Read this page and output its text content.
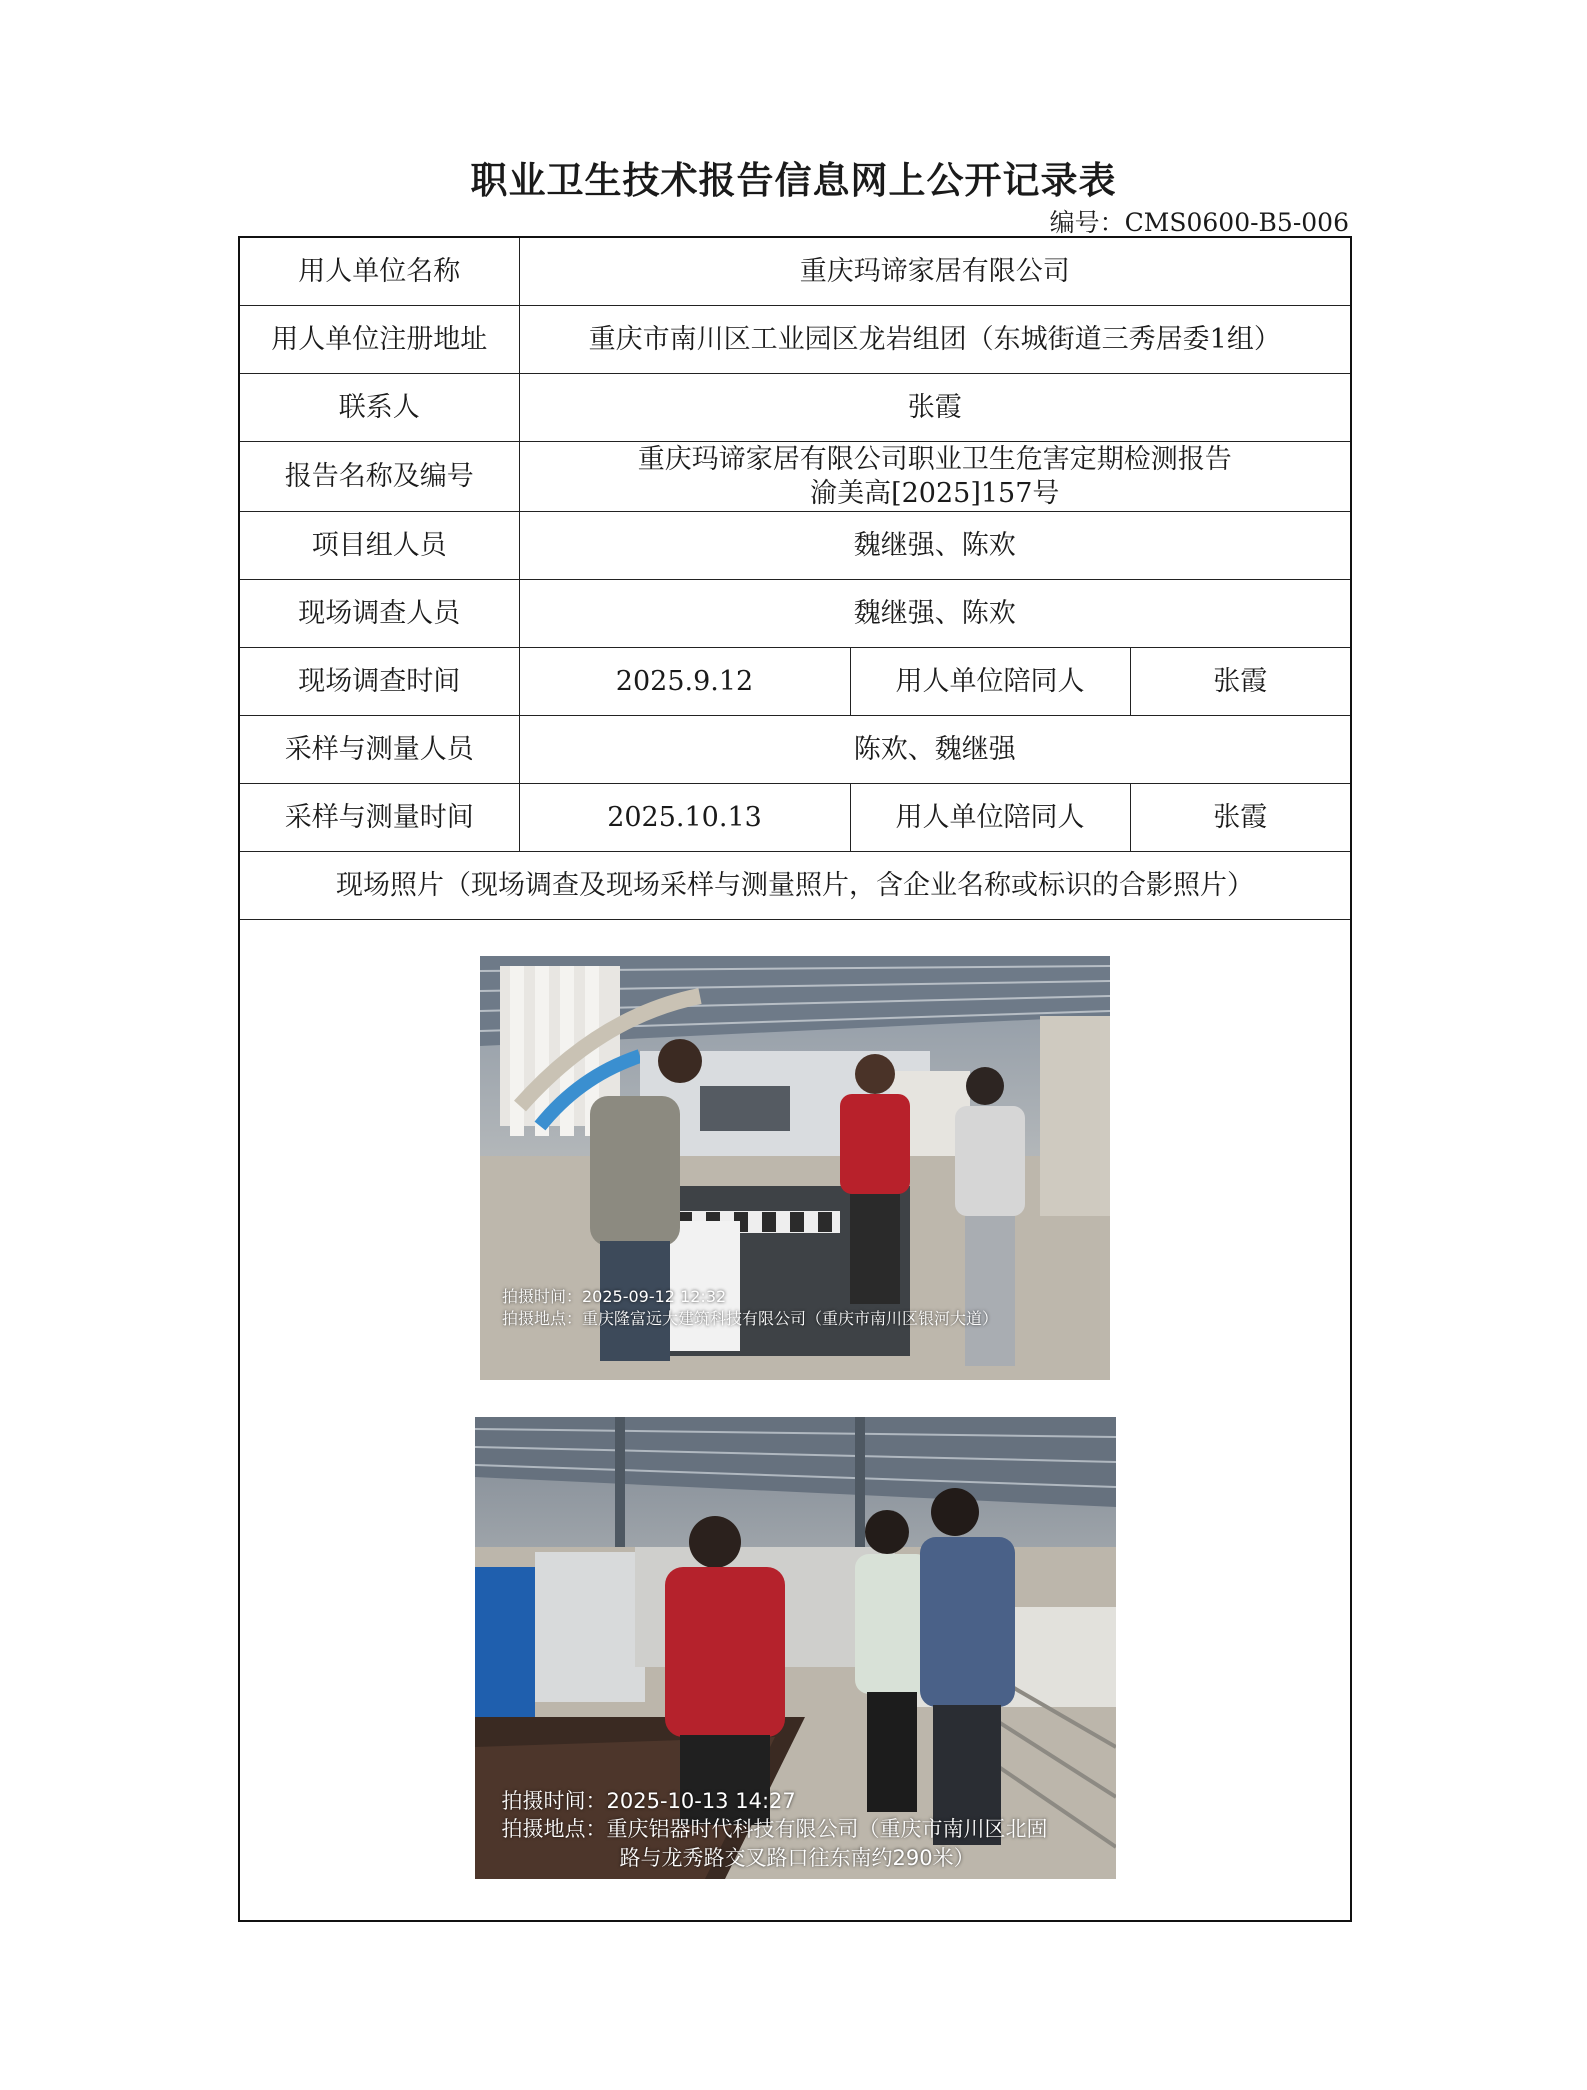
职业卫生技术报告信息网上公开记录表
编号：CMS0600-B5-006
用人单位名称	重庆玛谛家居有限公司		
用人单位注册地址	重庆市南川区工业园区龙岩组团（东城街道三秀居委1组）		
联系人	张霞		
报告名称及编号	重庆玛谛家居有限公司职业卫生危害定期检测报告
渝美高[2025]157号		

项目组人员	魏继强、陈欢		
现场调查人员	魏继强、陈欢		
现场调查时间	2025.9.12	用人单位陪同人	张霞
采样与测量人员	陈欢、魏继强		
采样与测量时间	2025.10.13	用人单位陪同人	张霞
现场照片（现场调查及现场采样与测量照片，含企业名称或标识的合影照片）			

拍摄时间：2025-09-12 12:32
拍摄地点：重庆隆富远大建筑科技有限公司（重庆市南川区银河大道）
拍摄时间：2025-10-13 14:27
拍摄地点：重庆铝器时代科技有限公司（重庆市南川区北固
路与龙秀路交叉路口往东南约290米）			
